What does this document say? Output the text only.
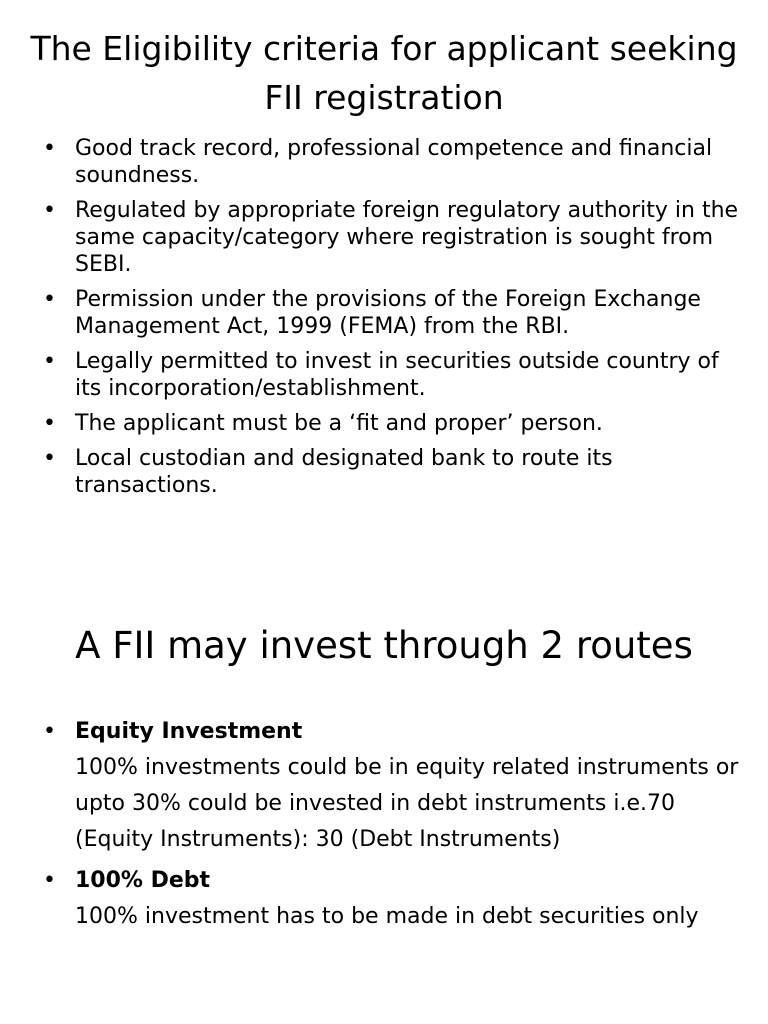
The Eligibility criteria for applicant seeking FII registration
• Good track record, professional competence and financial soundness.
• Regulated by appropriate foreign regulatory authority in the same capacity/category where registration is sought from SEBI.
• Permission under the provisions of the Foreign Exchange Management Act, 1999 (FEMA) from the RBI.
• Legally permitted to invest in securities outside country of its incorporation/establishment.
• The applicant must be a ‘fit and proper’ person.
• Local custodian and designated bank to route its transactions.
A FII may invest through 2 routes
• Equity Investment
100% investments could be in equity related instruments or upto 30% could be invested in debt instruments i.e.70 (Equity Instruments): 30 (Debt Instruments)
• 100% Debt
100% investment has to be made in debt securities only
